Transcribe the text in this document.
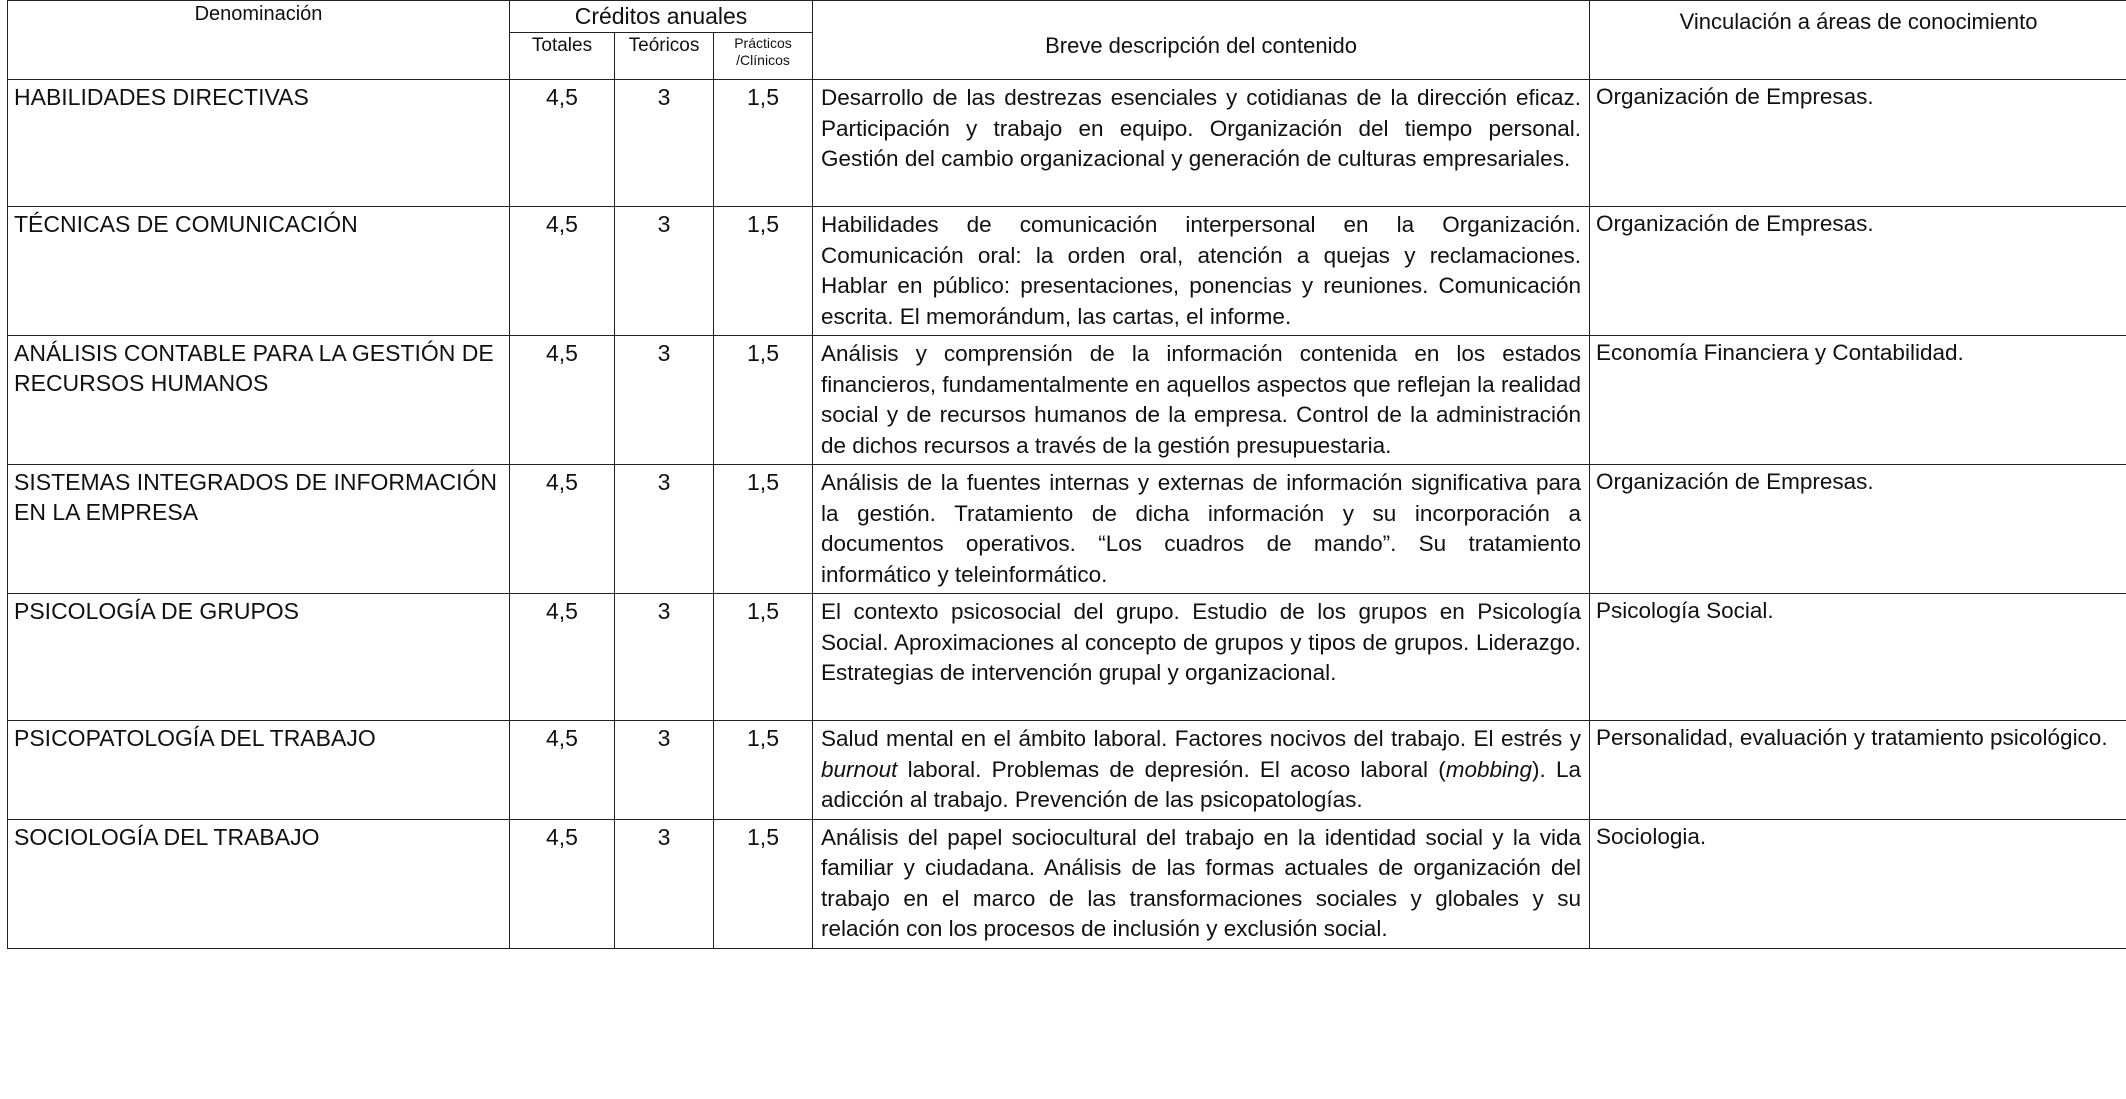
Denominación	Créditos anuales			Breve descripción del contenido	Vinculación a áreas de conocimiento
	Totales	Teóricos	Prácticos /Clínicos		
HABILIDADES DIRECTIVAS	4,5	3	1,5	Desarrollo de las destrezas esenciales y cotidianas de la dirección eficaz. Participación y trabajo en equipo. Organización del tiempo personal. Gestión del cambio organizacional y generación de culturas empresariales.	Organización de Empresas.
TÉCNICAS DE COMUNICACIÓN	4,5	3	1,5	Habilidades de comunicación interpersonal en la Organización. Comunicación oral: la orden oral, atención a quejas y reclamaciones. Hablar en público: presentaciones, ponencias y reuniones. Comunicación escrita. El memorándum, las cartas, el informe.	Organización de Empresas.
ANÁLISIS CONTABLE PARA LA GESTIÓN DE RECURSOS HUMANOS	4,5	3	1,5	Análisis y comprensión de la información contenida en los estados financieros, fundamentalmente en aquellos aspectos que reflejan la realidad social y de recursos humanos de la empresa. Control de la administración de dichos recursos a través de la gestión presupuestaria.	Economía Financiera y Contabilidad.
SISTEMAS INTEGRADOS DE INFORMACIÓN EN LA EMPRESA	4,5	3	1,5	Análisis de la fuentes internas y externas de información significativa para la gestión. Tratamiento de dicha información y su incorporación a documentos operativos. “Los cuadros de mando”. Su tratamiento informático y teleinformático.	Organización de Empresas.
PSICOLOGÍA DE GRUPOS	4,5	3	1,5	El contexto psicosocial del grupo. Estudio de los grupos en Psicología Social. Aproximaciones al concepto de grupos y tipos de grupos. Liderazgo. Estrategias de intervención grupal y organizacional.	Psicología Social.
PSICOPATOLOGÍA DEL TRABAJO	4,5	3	1,5	Salud mental en el ámbito laboral. Factores nocivos del trabajo. El estrés y burnout laboral. Problemas de depresión. El acoso laboral (mobbing). La adicción al trabajo. Prevención de las psicopatologías.	Personalidad, evaluación y tratamiento psicológico.
SOCIOLOGÍA DEL TRABAJO	4,5	3	1,5	Análisis del papel sociocultural del trabajo en la identidad social y la vida familiar y ciudadana. Análisis de las formas actuales de organización del trabajo en el marco de las transformaciones sociales y globales y su relación con los procesos de inclusión y exclusión social.	Sociologia.
